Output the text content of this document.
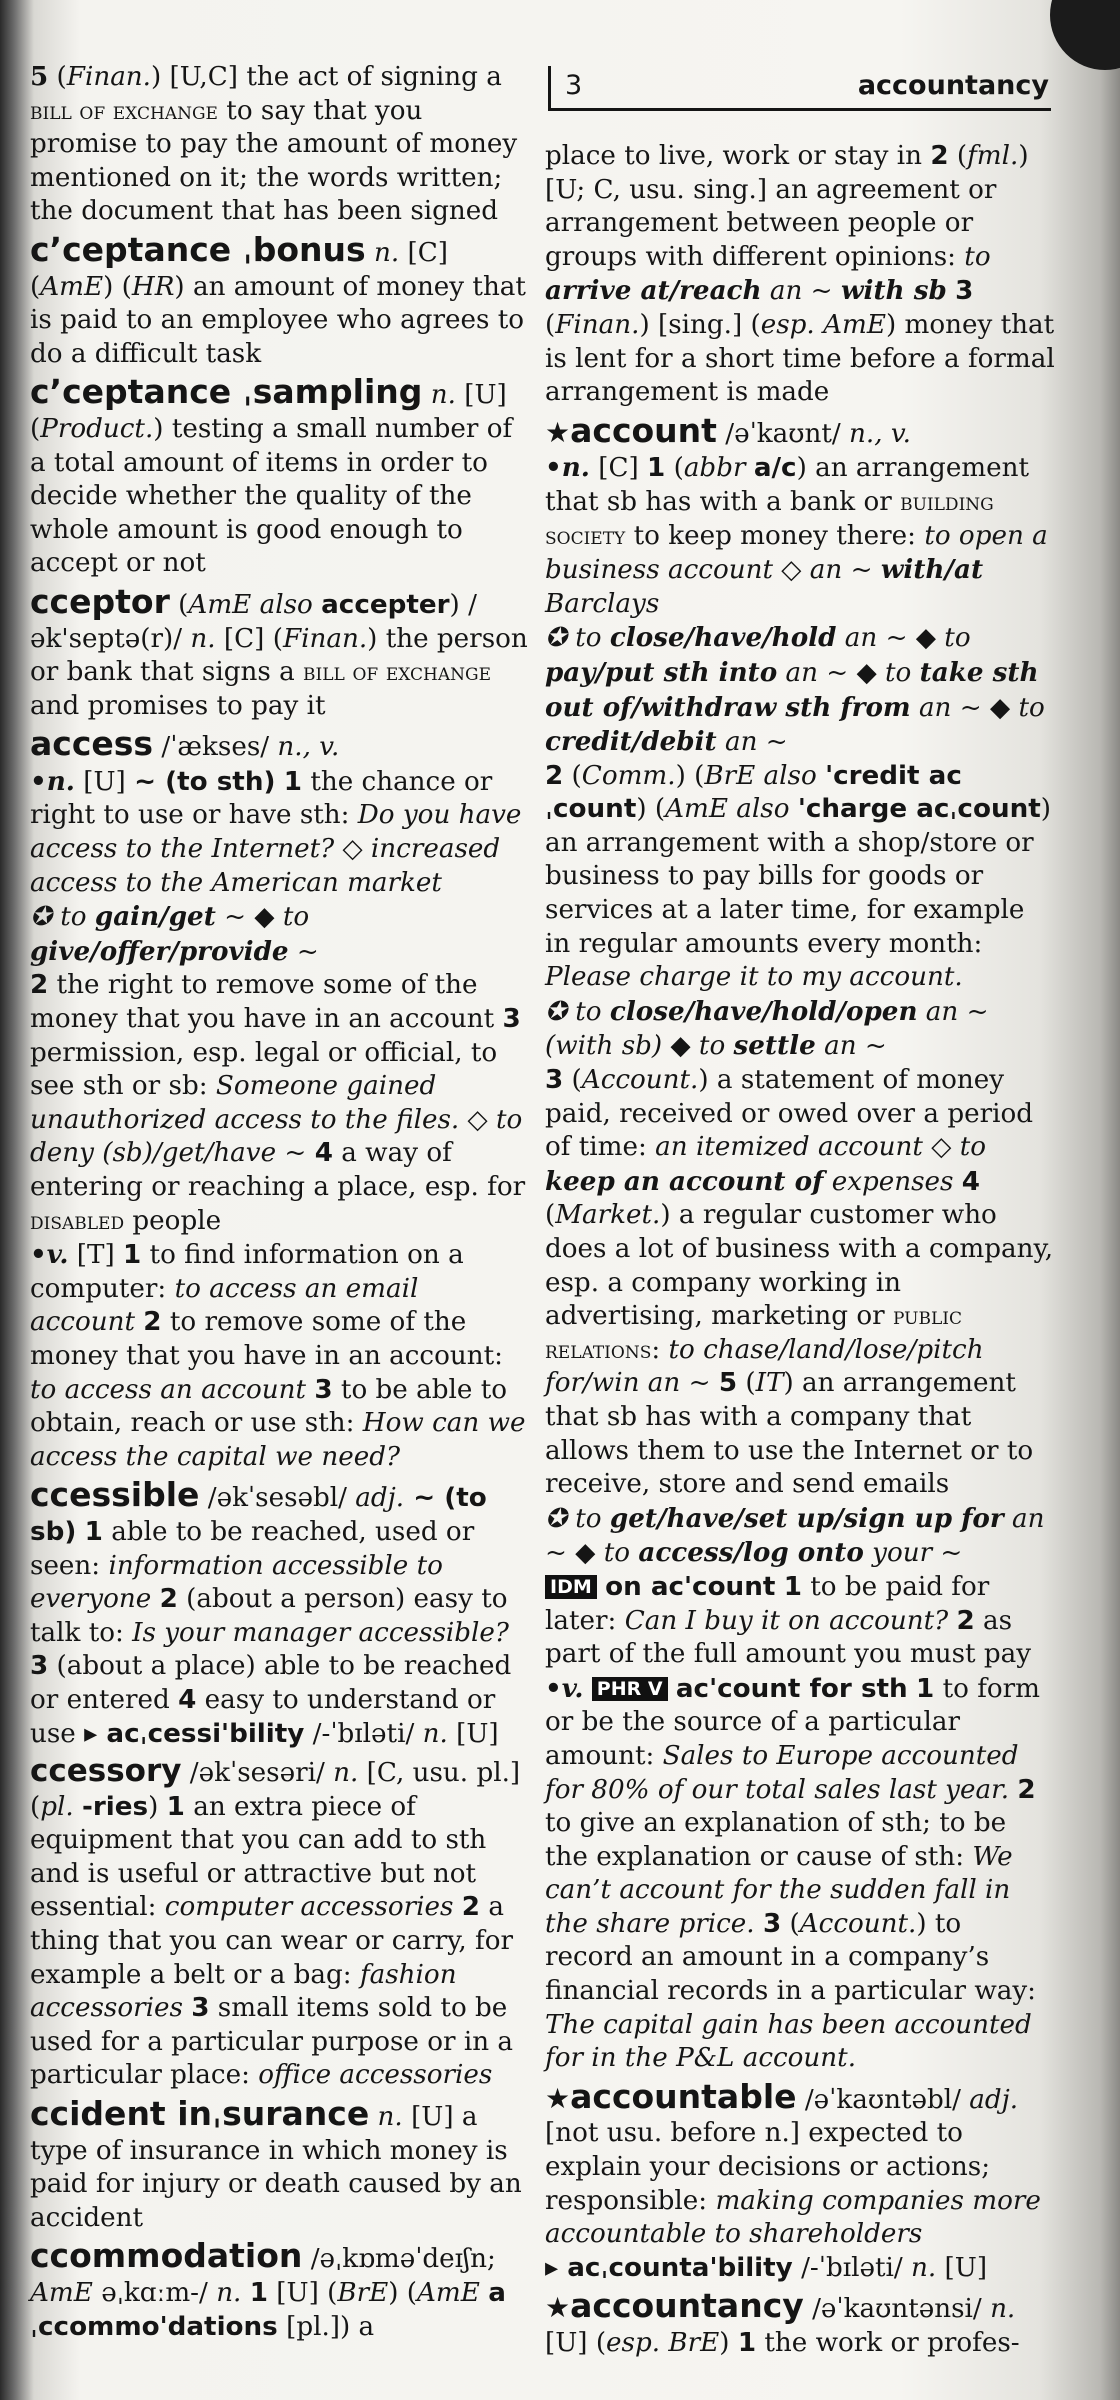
3	accountancy
5 (Finan.) [U,C] the act of signing a bill of exchange to say that you promise to pay the amount of money mentioned on it; the words written; the document that has been signed
c’ceptance ˌbonus n. [C] (AmE) (HR) an amount of money that is paid to an employee who agrees to do a difficult task
c’ceptance ˌsampling n. [U] (Product.) testing a small number of a total amount of items in order to decide whether the quality of the whole amount is good enough to accept or not
cceptor (AmE also accepter) /ək'septə(r)/ n. [C] (Finan.) the person or bank that signs a bill of exchange and promises to pay it
access /ˈækses/ n., v.
•n. [U] ~ (to sth) 1 the chance or right to use or have sth: Do you have access to the Internet? ◇ increased access to the American market
✪ to gain/get ~ ◆ to give/offer/provide ~
2 the right to remove some of the money that you have in an account 3 permission, esp. legal or official, to see sth or sb: Someone gained unauthorized access to the files. ◇ to deny (sb)/get/have ~ 4 a way of entering or reaching a place, esp. for disabled people
•v. [T] 1 to find information on a computer: to access an email account 2 to remove some of the money that you have in an account: to access an account 3 to be able to obtain, reach or use sth: How can we access the capital we need?
ccessible /əkˈsesəbl/ adj. ~ (to sb) 1 able to be reached, used or seen: information accessible to everyone 2 (about a person) easy to talk to: Is your manager accessible? 3 (about a place) able to be reached or entered 4 easy to understand or use ▸ acˌcessi'bility /-ˈbɪləti/ n. [U]
ccessory /əkˈsesəri/ n. [C, usu. pl.] (pl. -ries) 1 an extra piece of equipment that you can add to sth and is useful or attractive but not essential: computer accessories 2 a thing that you can wear or carry, for example a belt or a bag: fashion accessories 3 small items sold to be used for a particular purpose or in a particular place: office accessories
ccident inˌsurance n. [U] a type of insurance in which money is paid for injury or death caused by an accident
ccommodation /əˌkɒməˈdeɪʃn; AmE əˌkɑːm-/ n. 1 [U] (BrE) (AmE aˌccommo'dations [pl.]) a
place to live, work or stay in 2 (fml.) [U; C, usu. sing.] an agreement or arrangement between people or groups with different opinions: to arrive at/reach an ~ with sb 3 (Finan.) [sing.] (esp. AmE) money that is lent for a short time before a formal arrangement is made
★account /əˈkaʊnt/ n., v.
•n. [C] 1 (abbr a/c) an arrangement that sb has with a bank or building society to keep money there: to open a business account ◇ an ~ with/at Barclays
✪ to close/have/hold an ~ ◆ to pay/put sth into an ~ ◆ to take sth out of/withdraw sth from an ~ ◆ to credit/debit an ~
2 (Comm.) (BrE also 'credit acˌcount) (AmE also 'charge acˌcount) an arrangement with a shop/store or business to pay bills for goods or services at a later time, for example in regular amounts every month: Please charge it to my account.
✪ to close/have/hold/open an ~ (with sb) ◆ to settle an ~
3 (Account.) a statement of money paid, received or owed over a period of time: an itemized account ◇ to keep an account of expenses 4 (Market.) a regular customer who does a lot of business with a company, esp. a company working in advertising, marketing or public relations: to chase/land/lose/pitch for/win an ~ 5 (IT) an arrangement that sb has with a company that allows them to use the Internet or to receive, store and send emails
✪ to get/have/set up/sign up for an ~ ◆ to access/log onto your ~
IDM on ac'count 1 to be paid for later: Can I buy it on account? 2 as part of the full amount you must pay
•v. PHR V ac'count for sth 1 to form or be the source of a particular amount: Sales to Europe accounted for 80% of our total sales last year. 2 to give an explanation of sth; to be the explanation or cause of sth: We can’t account for the sudden fall in the share price. 3 (Account.) to record an amount in a company’s financial records in a particular way: The capital gain has been accounted for in the P&L account.
★accountable /əˈkaʊntəbl/ adj. [not usu. before n.] expected to explain your decisions or actions; responsible: making companies more accountable to shareholders
▸ acˌcounta'bility /-ˈbɪləti/ n. [U]
★accountancy /əˈkaʊntənsi/ n. [U] (esp. BrE) 1 the work or profes-
